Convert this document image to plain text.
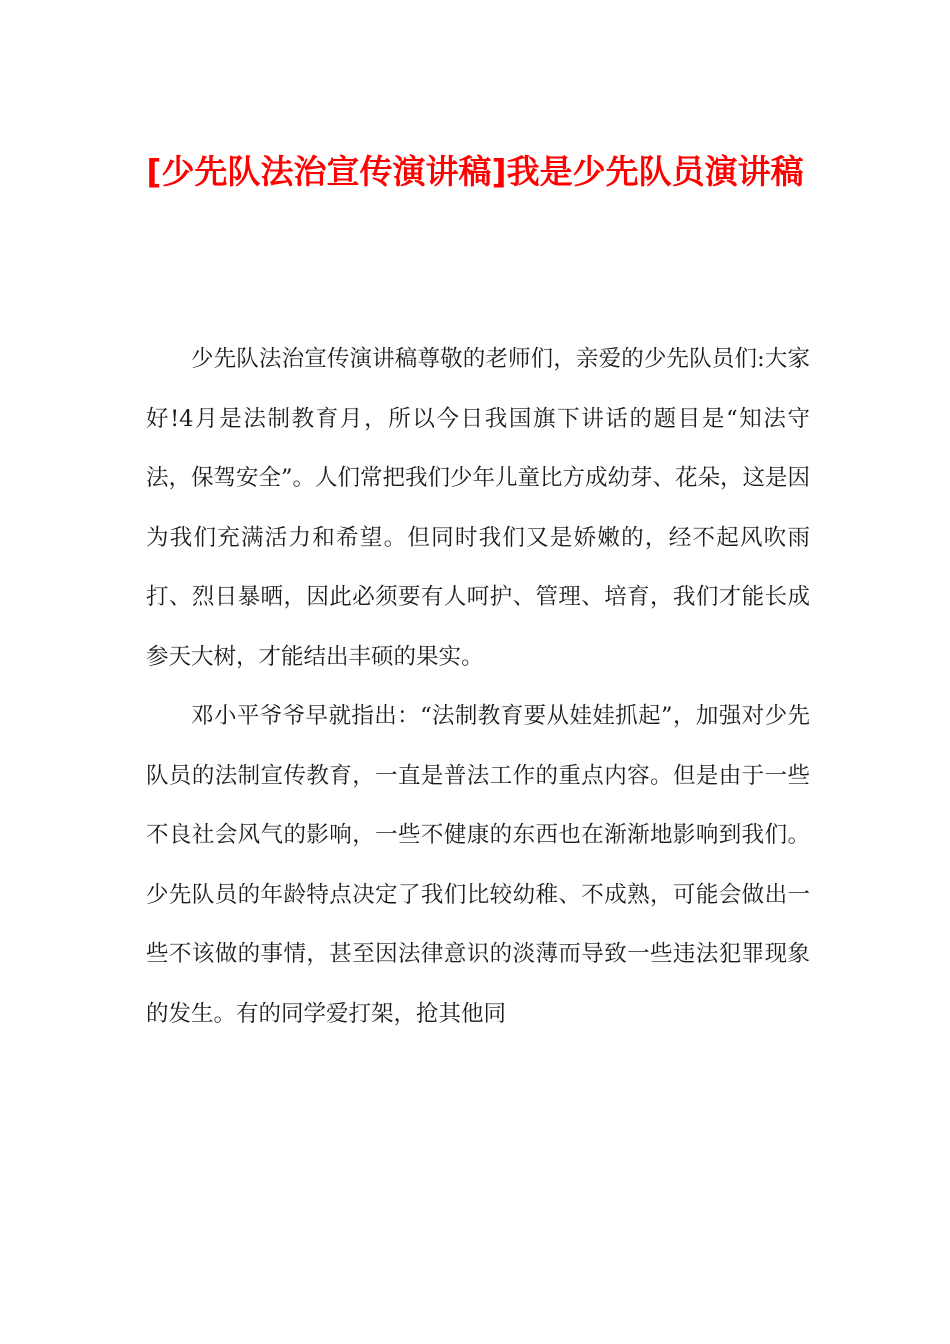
[少先队法治宣传演讲稿]我是少先队员演讲稿

少先队法治宣传演讲稿尊敬的老师们，亲爱的少先队员们:大家好!4月是法制教育月，所以今日我国旗下讲话的题目是“知法守法，保驾安全”。人们常把我们少年儿童比方成幼芽、花朵，这是因为我们充满活力和希望。但同时我们又是娇嫩的，经不起风吹雨打、烈日暴晒，因此必须要有人呵护、管理、培育，我们才能长成参天大树，才能结出丰硕的果实。

邓小平爷爷早就指出：“法制教育要从娃娃抓起”，加强对少先队员的法制宣传教育，一直是普法工作的重点内容。但是由于一些不良社会风气的影响，一些不健康的东西也在渐渐地影响到我们。少先队员的年龄特点决定了我们比较幼稚、不成熟，可能会做出一些不该做的事情，甚至因法律意识的淡薄而导致一些违法犯罪现象的发生。有的同学爱打架，抢其他同
